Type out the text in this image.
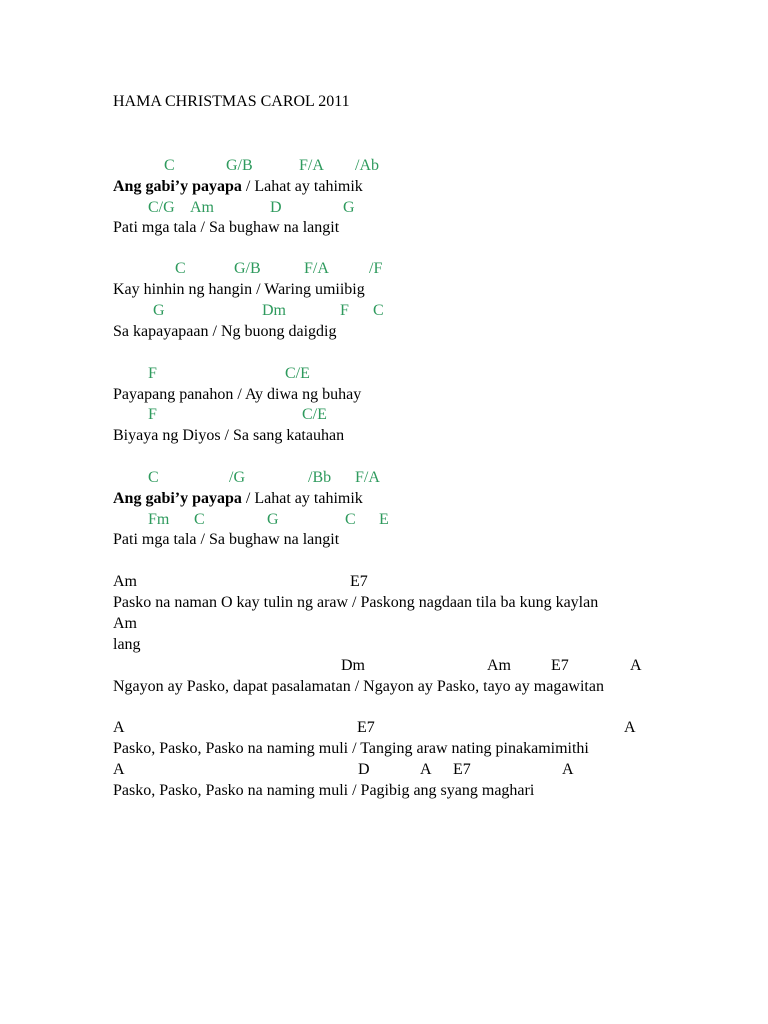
HAMA CHRISTMAS CAROL 2011
C	G/B	F/A /Ab
Ang gabi’y payapa / Lahat ay tahimik
C/G Am	D	G
Pati mga tala / Sa bughaw na langit
C	G/B	F/A	/F
Kay hinhin ng hangin / Waring umiibig
G	Dm	F C
Sa kapayapaan / Ng buong daigdig
F	C/E
Payapang panahon / Ay diwa ng buhay
F	C/E
Biyaya ng Diyos / Sa sang katauhan
C	/G	/Bb F/A
Ang gabi’y payapa / Lahat ay tahimik
Fm C	G	C E
Pati mga tala / Sa bughaw na langit
Am	E7
Pasko na naman O kay tulin ng araw / Paskong nagdaan tila ba kung kaylan
Am
lang
Dm	Am	E7	A
Ngayon ay Pasko, dapat pasalamatan / Ngayon ay Pasko, tayo ay magawitan
A	E7	A
Pasko, Pasko, Pasko na naming muli / Tanging araw nating pinakamimithi
A	D	A E7	A
Pasko, Pasko, Pasko na naming muli / Pagibig ang syang maghari
